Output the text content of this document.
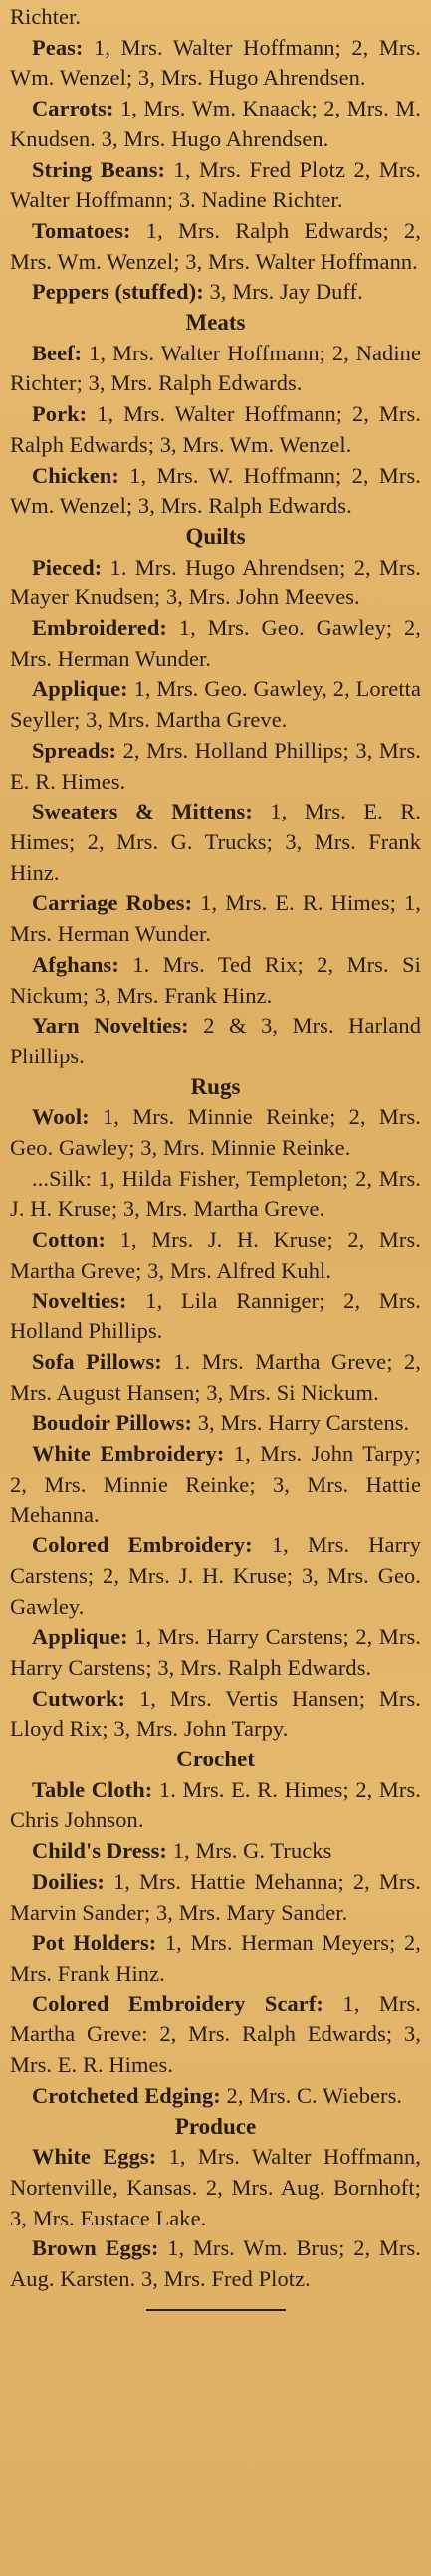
Richter.

Peas: 1, Mrs. Walter Hoffmann; 2, Mrs. Wm. Wenzel; 3, Mrs. Hugo Ahrendsen.

Carrots: 1, Mrs. Wm. Knaack; 2, Mrs. M. Knudsen. 3, Mrs. Hugo Ahrendsen.

String Beans: 1, Mrs. Fred Plotz 2, Mrs. Walter Hoffmann; 3. Nadine Richter.

Tomatoes: 1, Mrs. Ralph Edwards; 2, Mrs. Wm. Wenzel; 3, Mrs. Walter Hoffmann.

Peppers (stuffed): 3, Mrs. Jay Duff.

Meats

Beef: 1, Mrs. Walter Hoffmann; 2, Nadine Richter; 3, Mrs. Ralph Edwards.

Pork: 1, Mrs. Walter Hoffmann; 2, Mrs. Ralph Edwards; 3, Mrs. Wm. Wenzel.

Chicken: 1, Mrs. W. Hoffmann; 2, Mrs. Wm. Wenzel; 3, Mrs. Ralph Edwards.

Quilts

Pieced: 1. Mrs. Hugo Ahrendsen; 2, Mrs. Mayer Knudsen; 3, Mrs. John Meeves.

Embroidered: 1, Mrs. Geo. Gawley; 2, Mrs. Herman Wunder.

Applique: 1, Mrs. Geo. Gawley, 2, Loretta Seyller; 3, Mrs. Martha Greve.

Spreads: 2, Mrs. Holland Phillips; 3, Mrs. E. R. Himes.

Sweaters & Mittens: 1, Mrs. E. R. Himes; 2, Mrs. G. Trucks; 3, Mrs. Frank Hinz.

Carriage Robes: 1, Mrs. E. R. Himes; 1, Mrs. Herman Wunder.

Afghans: 1. Mrs. Ted Rix; 2, Mrs. Si Nickum; 3, Mrs. Frank Hinz.

Yarn Novelties: 2 & 3, Mrs. Harland Phillips.

Rugs

Wool: 1, Mrs. Minnie Reinke; 2, Mrs. Geo. Gawley; 3, Mrs. Minnie Reinke.

...Silk: 1, Hilda Fisher, Templeton; 2, Mrs. J. H. Kruse; 3, Mrs. Martha Greve.

Cotton: 1, Mrs. J. H. Kruse; 2, Mrs. Martha Greve; 3, Mrs. Alfred Kuhl.

Novelties: 1, Lila Ranniger; 2, Mrs. Holland Phillips.

Sofa Pillows: 1. Mrs. Martha Greve; 2, Mrs. August Hansen; 3, Mrs. Si Nickum.

Boudoir Pillows: 3, Mrs. Harry Carstens.

White Embroidery: 1, Mrs. John Tarpy; 2, Mrs. Minnie Reinke; 3, Mrs. Hattie Mehanna.

Colored Embroidery: 1, Mrs. Harry Carstens; 2, Mrs. J. H. Kruse; 3, Mrs. Geo. Gawley.

Applique: 1, Mrs. Harry Carstens; 2, Mrs. Harry Carstens; 3, Mrs. Ralph Edwards.

Cutwork: 1, Mrs. Vertis Hansen; Mrs. Lloyd Rix; 3, Mrs. John Tarpy.

Crochet

Table Cloth: 1. Mrs. E. R. Himes; 2, Mrs. Chris Johnson.

Child's Dress: 1, Mrs. G. Trucks

Doilies: 1, Mrs. Hattie Mehanna; 2, Mrs. Marvin Sander; 3, Mrs. Mary Sander.

Pot Holders: 1, Mrs. Herman Meyers; 2, Mrs. Frank Hinz.

Colored Embroidery Scarf: 1, Mrs. Martha Greve: 2, Mrs. Ralph Edwards; 3, Mrs. E. R. Himes.

Crotcheted Edging: 2, Mrs. C. Wiebers.

Produce

White Eggs: 1, Mrs. Walter Hoffmann, Nortenville, Kansas. 2, Mrs. Aug. Bornhoft; 3, Mrs. Eustace Lake.

Brown Eggs: 1, Mrs. Wm. Brus; 2, Mrs. Aug. Karsten. 3, Mrs. Fred Plotz.
